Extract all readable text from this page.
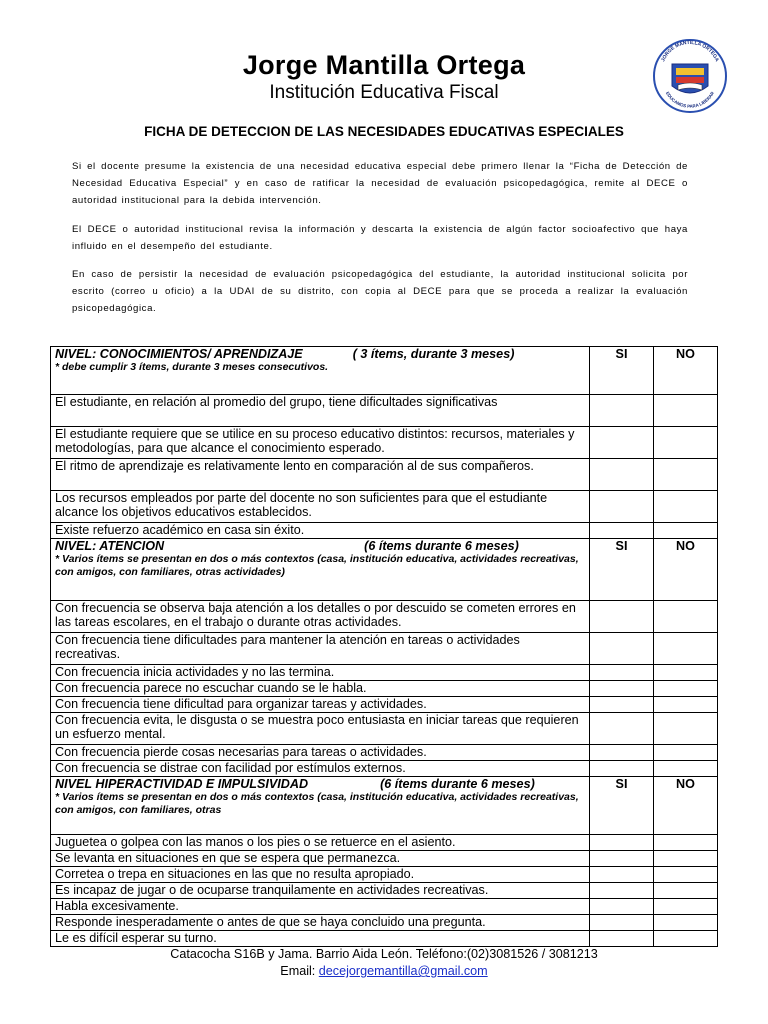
Jorge Mantilla Ortega
Institución Educativa Fiscal
JORGE MANTILLA ORTEGA
EDUCAMOS PARA LIBERAR
FICHA DE DETECCION DE LAS NECESIDADES EDUCATIVAS ESPECIALES
Si el docente presume la existencia de una necesidad educativa especial debe primero llenar la “Ficha de Detección de Necesidad Educativa Especial” y en caso de ratificar la necesidad de evaluación psicopedagógica, remite al DECE o autoridad institucional para la debida intervención.
El DECE o autoridad institucional revisa la información y descarta la existencia de algún factor socioafectivo que haya influido en el desempeño del estudiante.
En caso de persistir la necesidad de evaluación psicopedagógica del estudiante, la autoridad institucional solicita por escrito (correo u oficio) a la UDAI de su distrito, con copia al DECE para que se proceda a realizar la evaluación psicopedagógica.
NIVEL: CONOCIMIENTOS/ APRENDIZAJE ( 3 ítems, durante 3 meses)
* debe cumplir 3 ítems, durante 3 meses consecutivos.	SI	NO
El estudiante, en relación al promedio del grupo, tiene dificultades significativas		
El estudiante requiere que se utilice en su proceso educativo distintos: recursos, materiales y metodologías, para que alcance el conocimiento esperado.		
El ritmo de aprendizaje es relativamente lento en comparación al de sus compañeros.		
Los recursos empleados por parte del docente no son suficientes para que el estudiante alcance los objetivos educativos establecidos.		
Existe refuerzo académico en casa sin éxito.		

NIVEL: ATENCION (6 ítems durante 6 meses)
* Varios ítems se presentan en dos o más contextos (casa, institución educativa, actividades recreativas, con amigos, con familiares, otras actividades)	SI	NO
Con frecuencia se observa baja atención a los detalles o por descuido se cometen errores en las tareas escolares, en el trabajo o durante otras actividades.		
Con frecuencia tiene dificultades para mantener la atención en tareas o actividades recreativas.		
Con frecuencia inicia actividades y no las termina.		
Con frecuencia parece no escuchar cuando se le habla.		
Con frecuencia tiene dificultad para organizar tareas y actividades.		
Con frecuencia evita, le disgusta o se muestra poco entusiasta en iniciar tareas que requieren un esfuerzo mental.		
Con frecuencia pierde cosas necesarias para tareas o actividades.		
Con frecuencia se distrae con facilidad por estímulos externos.		

NIVEL HIPERACTIVIDAD E IMPULSIVIDAD (6 ítems durante 6 meses)
* Varios ítems se presentan en dos o más contextos (casa, institución educativa, actividades recreativas, con amigos, con familiares, otras	SI	NO
Juguetea o golpea con las manos o los pies o se retuerce en el asiento.		
Se levanta en situaciones en que se espera que permanezca.		
Corretea o trepa en situaciones en las que no resulta apropiado.		
Es incapaz de jugar o de ocuparse tranquilamente en actividades recreativas.		
Habla excesivamente.		
Responde inesperadamente o antes de que se haya concluido una pregunta.		
Le es difícil esperar su turno.		
Catacocha S16B y Jama. Barrio Aida León. Teléfono:(02)3081526 / 3081213
Email: decejorgemantilla@gmail.com
